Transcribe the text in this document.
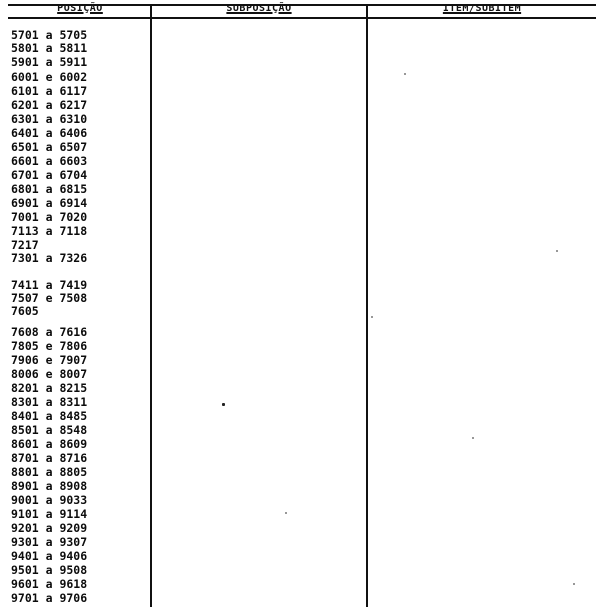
POSIÇÃO	SUBPOSIÇÃO	ITEM/SUBITEM
5701 a 5705
5801 a 5811
5901 a 5911
6001 e 6002
6101 a 6117
6201 a 6217
6301 a 6310
6401 a 6406
6501 a 6507
6601 a 6603
6701 a 6704
6801 a 6815
6901 a 6914
7001 a 7020
7113 a 7118
7217
7301 a 7326
7411 a 7419
7507 e 7508
7605
7608 a 7616
7805 e 7806
7906 e 7907
8006 e 8007
8201 a 8215
8301 a 8311
8401 a 8485
8501 a 8548
8601 a 8609
8701 a 8716
8801 a 8805
8901 a 8908
9001 a 9033
9101 a 9114
9201 a 9209
9301 a 9307
9401 a 9406
9501 a 9508
9601 a 9618
9701 a 9706
